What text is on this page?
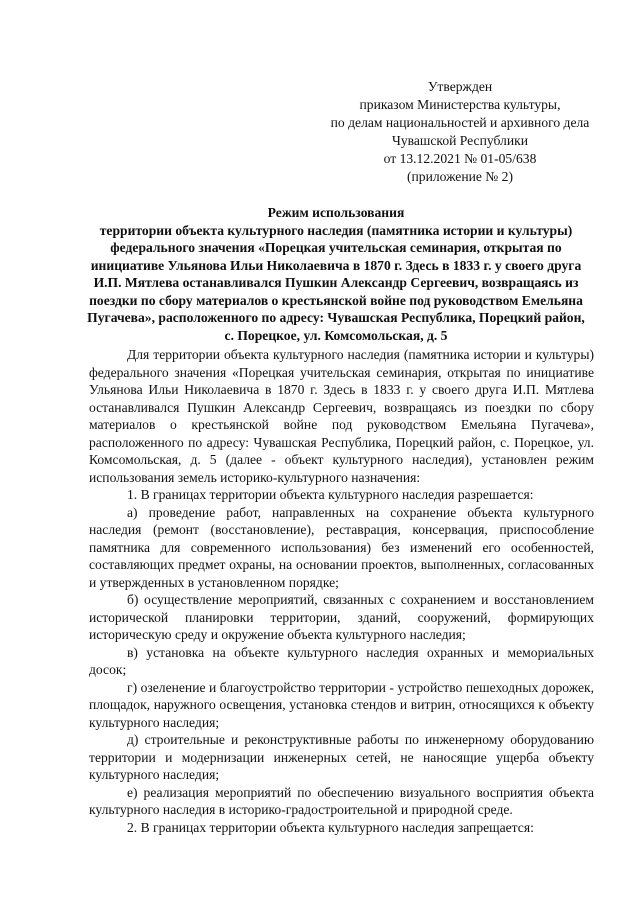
Утвержден
приказом Министерства культуры,
по делам национальностей и архивного дела
Чувашской Республики
от 13.12.2021 № 01-05/638
(приложение № 2)
Режим использования
территории объекта культурного наследия (памятника истории и культуры) федерального значения «Порецкая учительская семинария, открытая по инициативе Ульянова Ильи Николаевича в 1870 г. Здесь в 1833 г. у своего друга И.П. Мятлева останавливался Пушкин Александр Сергеевич, возвращаясь из поездки по сбору материалов о крестьянской войне под руководством Емельяна Пугачева», расположенного по адресу: Чувашская Республика, Порецкий район, с. Порецкое, ул. Комсомольская, д. 5

Для территории объекта культурного наследия (памятника истории и культуры) федерального значения «Порецкая учительская семинария, открытая по инициативе Ульянова Ильи Николаевича в 1870 г. Здесь в 1833 г. у своего друга И.П. Мятлева останавливался Пушкин Александр Сергеевич, возвращаясь из поездки по сбору материалов о крестьянской войне под руководством Емельяна Пугачева», расположенного по адресу: Чувашская Республика, Порецкий район, с. Порецкое, ул. Комсомольская, д. 5 (далее - объект культурного наследия), установлен режим использования земель историко-культурного назначения:

1. В границах территории объекта культурного наследия разрешается:

а) проведение работ, направленных на сохранение объекта культурного наследия (ремонт (восстановление), реставрация, консервация, приспособление памятника для современного использования) без изменений его особенностей, составляющих предмет охраны, на основании проектов, выполненных, согласованных и утвержденных в установленном порядке;

б) осуществление мероприятий, связанных с сохранением и восстановлением исторической планировки территории, зданий, сооружений, формирующих историческую среду и окружение объекта культурного наследия;

в) установка на объекте культурного наследия охранных и мемориальных досок;

г) озеленение и благоустройство территории - устройство пешеходных дорожек, площадок, наружного освещения, установка стендов и витрин, относящихся к объекту культурного наследия;

д) строительные и реконструктивные работы по инженерному оборудованию территории и модернизации инженерных сетей, не наносящие ущерба объекту культурного наследия;

е) реализация мероприятий по обеспечению визуального восприятия объекта культурного наследия в историко-градостроительной и природной среде.

2. В границах территории объекта культурного наследия запрещается:
